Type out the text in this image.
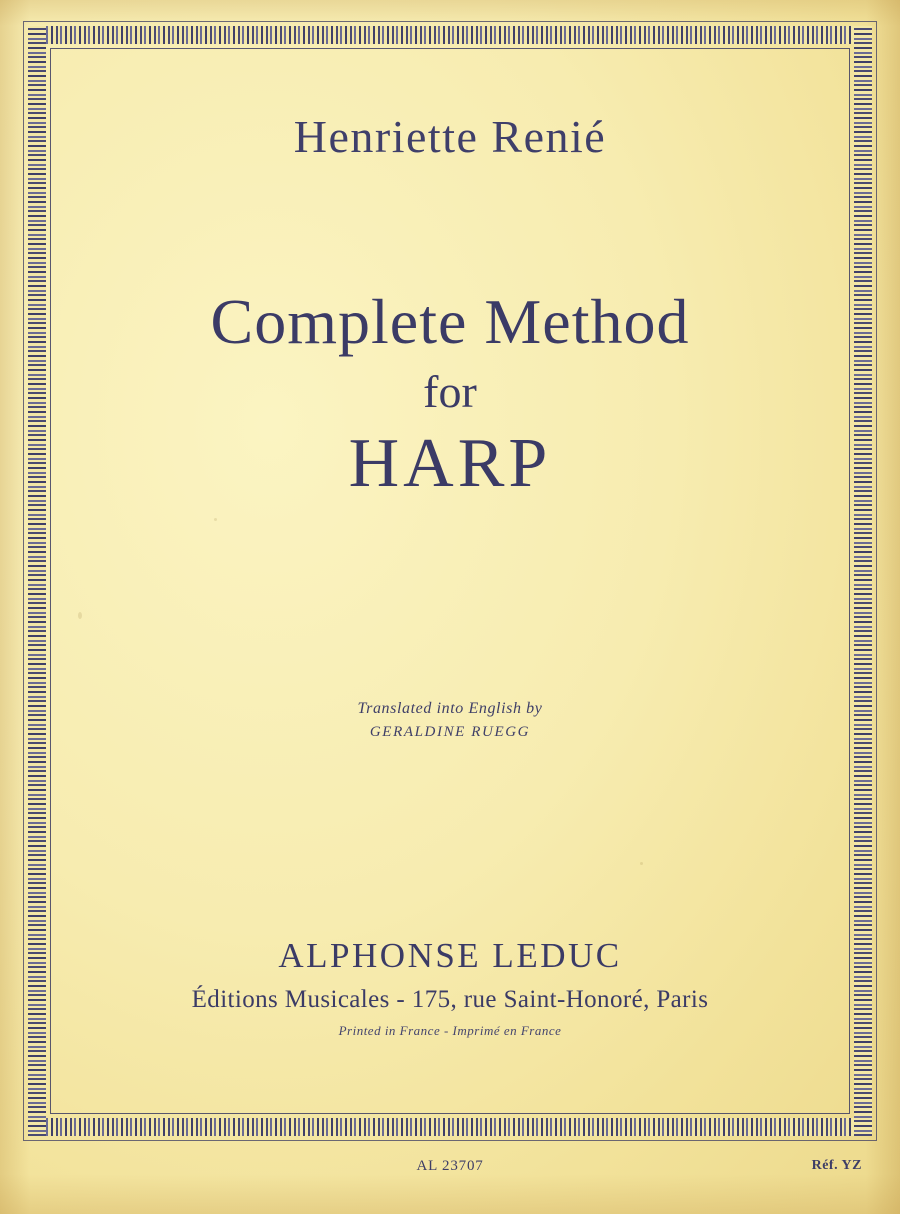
Henriette Renié
Complete Method
for
HARP
Translated into English by
GERALDINE RUEGG
ALPHONSE LEDUC
Éditions Musicales - 175, rue Saint-Honoré, Paris
Printed in France - Imprimé en France
AL 23707	Réf. YZ
